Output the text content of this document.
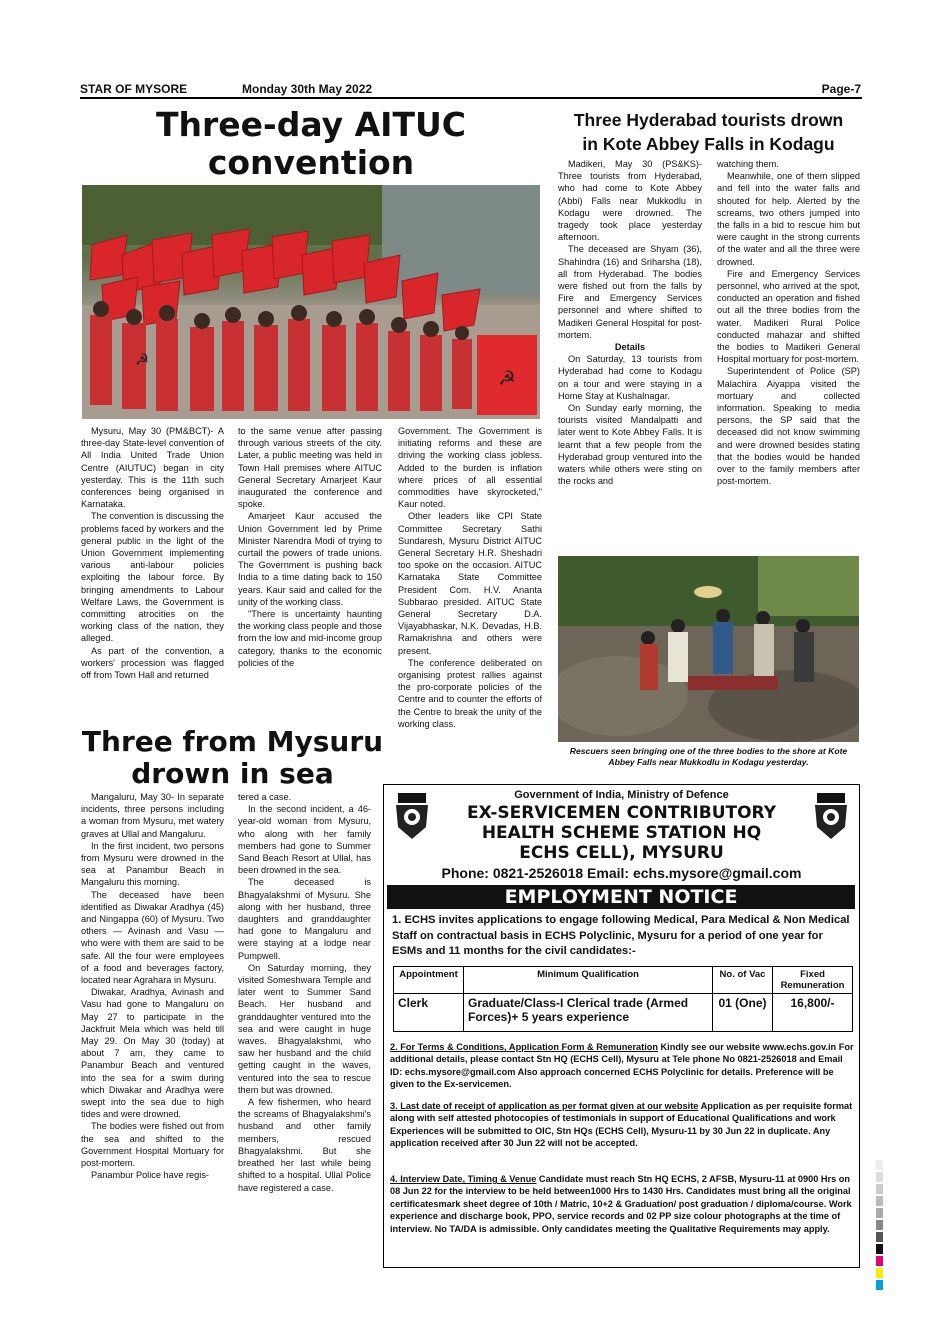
STAR OF MYSORE	Monday 30th May 2022	Page-7
Three-day AITUC convention
☭
☭

Mysuru, May 30 (PM&BCT)- A three-day State-level convention of All India United Trade Union Centre (AIUTUC) began in city yesterday. This is the 11th such conferences being organised in Karnataka.

The convention is discussing the problems faced by workers and the general public in the light of the Union Government implementing various anti-labour policies exploiting the labour force. By bringing amendments to Labour Welfare Laws, the Government is committing atrocities on the working class of the nation, they alleged.

As part of the convention, a workers' procession was flagged off from Town Hall and returned

to the same venue after passing through various streets of the city. Later, a public meeting was held in Town Hall premises where AITUC General Secretary Amarjeet Kaur inaugurated the conference and spoke.

Amarjeet Kaur accused the Union Government led by Prime Minister Narendra Modi of trying to curtail the powers of trade unions. The Government is pushing back India to a time dating back to 150 years. Kaur said and called for the unity of the working class.

"There is uncertainty haunting the working class people and those from the low and mid-income group category, thanks to the economic policies of the

Government. The Government is initiating reforms and these are driving the working class jobless. Added to the burden is inflation where prices of all essential commodities have skyrocketed," Kaur noted.

Other leaders like CPI State Committee Secretary Sathi Sundaresh, Mysuru District AITUC General Secretary H.R. Sheshadri too spoke on the occasion. AITUC Karnataka State Committee President Com. H.V. Ananta Subbarao presided. AITUC State General Secretary D.A. Vijayabhaskar, N.K. Devadas, H.B. Ramakrishna and others were present.

The conference deliberated on organising protest rallies against the pro-corporate policies of the Centre and to counter the efforts of the Centre to break the unity of the working class.

Three from Mysuru
drown in sea

Mangaluru, May 30- In separate incidents, three persons including a woman from Mysuru, met watery graves at Ullal and Mangaluru.

In the first incident, two persons from Mysuru were drowned in the sea at Panambur Beach in Mangaluru this morning.

The deceased have been identified as Diwakar Aradhya (45) and Ningappa (60) of Mysuru. Two others — Avinash and Vasu — who were with them are said to be safe. All the four were employees of a food and beverages factory, located near Agrahara in Mysuru.

Diwakar, Aradhya, Avinash and Vasu had gone to Mangaluru on May 27 to participate in the Jackfruit Mela which was held till May 29. On May 30 (today) at about 7 am, they came to Panambur Beach and ventured into the sea for a swim during which Diwakar and Aradhya were swept into the sea due to high tides and were drowned.

The bodies were fished out from the sea and shifted to the Government Hospital Mortuary for post-mortem.

Panambur Police have regis-

tered a case.

In the second incident, a 46-year-old woman from Mysuru, who along with her family members had gone to Summer Sand Beach Resort at Ullal, has been drowned in the sea.

The deceased is Bhagyalakshmi of Mysuru. She along with her husband, three daughters and granddaughter had gone to Mangaluru and were staying at a lodge near Pumpwell.

On Saturday morning, they visited Someshwara Temple and later went to Summer Sand Beach. Her husband and granddaughter ventured into the sea and were caught in huge waves. Bhagyalakshmi, who saw her husband and the child getting caught in the waves, ventured into the sea to rescue them but was drowned.

A few fishermen, who heard the screams of Bhagyalakshmi's husband and other family members, rescued Bhagyalakshmi. But she breathed her last while being shifted to a hospital. Ullal Police have registered a case.

Three Hyderabad tourists drown
in Kote Abbey Falls in Kodagu

Madikeri, May 30 (PS&KS)- Three tourists from Hyderabad, who had come to Kote Abbey (Abbi) Falls near Mukkodlu in Kodagu were drowned. The tragedy took place yesterday afternoon.

The deceased are Shyam (36), Shahindra (16) and Sriharsha (18), all from Hyderabad. The bodies were fished out from the falls by Fire and Emergency Services personnel and where shifted to Madikeri General Hospital for post-mortem.

Details

On Saturday, 13 tourists from Hyderabad had come to Kodagu on a tour and were staying in a Home Stay at Kushalnagar.

On Sunday early morning, the tourists visited Mandalpatti and later went to Kote Abbey Falls. It is learnt that a few people from the Hyderabad group ventured into the waters while others were sting on the rocks and

watching them.

Meanwhile, one of them slipped and fell into the water falls and shouted for help. Alerted by the screams, two others jumped into the falls in a bid to rescue him but were caught in the strong currents of the water and all the three were drowned.

Fire and Emergency Services personnel, who arrived at the spot, conducted an operation and fished out all the three bodies from the water. Madikeri Rural Police conducted mahazar and shifted the bodies to Madikeri General Hospital mortuary for post-mortem.

Superintendent of Police (SP) Malachira Aiyappa visited the mortuary and collected information. Speaking to media persons, the SP said that the deceased did not know swimming and were drowned besides stating that the bodies would be handed over to the family members after post-mortem.

Rescuers seen bringing one of the three bodies to the shore at Kote
Abbey Falls near Mukkodlu in Kodagu yesterday.
Government of India, Ministry of Defence
EX-SERVICEMEN CONTRIBUTORY
HEALTH SCHEME STATION HQ
ECHS CELL), MYSURU
Phone: 0821-2526018 Email: echs.mysore@gmail.com
EMPLOYMENT NOTICE
1. ECHS invites applications to engage following Medical, Para Medical & Non Medical Staff on contractual basis in ECHS Polyclinic, Mysuru for a period of one year for ESMs and 11 months for the civil candidates:-
Appointment	Minimum Qualification	No. of Vac	Fixed Remuneration
Clerk	Graduate/Class-I Clerical trade (Armed Forces)+ 5 years experience	01 (One)	16,800/-
2. For Terms & Conditions, Application Form & Remuneration Kindly see our website www.echs.gov.in For additional details, please contact Stn HQ (ECHS Cell), Mysuru at Tele phone No 0821-2526018 and Email ID: echs.mysore@gmail.com Also approach concerned ECHS Polyclinic for details. Preference will be given to the Ex-servicemen.
3. Last date of receipt of application as per format given at our website Application as per requisite format along with self attested photocopies of testimonials in support of Educational Qualifications and work Experiences will be submitted to OIC, Stn HQs (ECHS Cell), Mysuru-11 by 30 Jun 22 in duplicate. Any application received after 30 Jun 22 will not be accepted.
4. Interview Date, Timing & Venue Candidate must reach Stn HQ ECHS, 2 AFSB, Mysuru-11 at 0900 Hrs on 08 Jun 22 for the interview to be held between1000 Hrs to 1430 Hrs. Candidates must bring all the original certificatesmark sheet degree of 10th / Matric, 10+2 & Graduation/ post graduation / diploma/course. Work experience and discharge book, PPO, service records and 02 PP size colour photographs at the time of interview. No TA/DA is admissible. Only candidates meeting the Qualitative Requirements may apply.
